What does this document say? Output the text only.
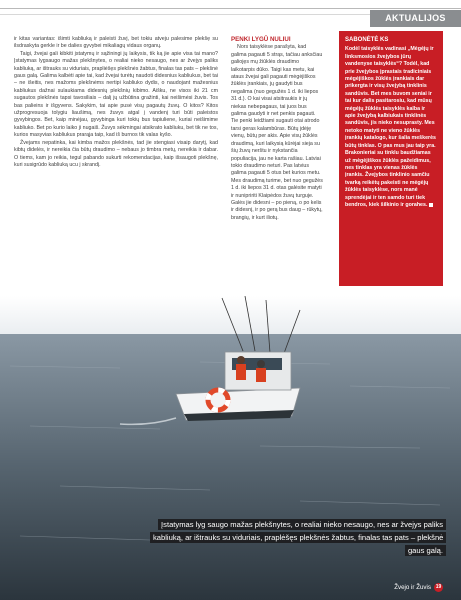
AKTUALIJOS

ir kitas variantas: išimti kabliuką ir paleisti žuvį, bet tokiu atveju palesime plekšę su ilsdraskyta gerkle ir be dalies gyvybei mikaliagų vidaus organų.

Taigi, žvejai gali kibkiti įstatymų ir sąžiningi jų laikysis, tik ką jie apie visa tai mano? Įstatymas lygsaugo mažas plekšnytes, o realiai nieko nesaugo, nes ar žvejys paliks kabliuką, ar ištrauks su viduriais, prapliėšęs plekšnės žabtus, finalas tas pats – plekšnė gaus galą. Galima kalbėti apie tai, kad žvejai turėtų naudoti didesnius kabliukus, bet tai – ne išeitis, nes mažoms plekšnėms nertipi kabliuko dydis, o naudojant mažesnius kabliukus dažnai sulaukiama didesnių plekšnių kibimo. Aišku, ne visos iki 21 cm sugautos plekšnės tapsi tavosiliais – dalį jų užbūtina gražinti, kai neišimėsi žuvis. Tos bas palieins ir išgyvens. Sakykim, tai apie pusė visų pagautų žuvų. O kitos? Kitos užprogresuoja tolygiu liaušimą, nes žuvys atgal į vandenį turi būti paleistos gyvybingos. Bet, kaip minėjau, gyvybinga kuri tokių bus tapiuliene, kuriai neišimime kabliuko. Bet po kurio laiko ji nugaiš. Žuvys sėkmingai atsikrato kabliuku, bet tik ne tos, kurios masyvias kabliukus prarąja taip, kad iš burnos tik valas kyšo.

Žvejams nepatinka, kai kimba mažos plekšnės, tad jie stengiasi visaip darytį, kad kibtų didelės, ir nereikia čia būtų draudimo – nebaus jo timbra metų, nereikia ir dabar. O tiems, kam jo reikia, tegul pabando sukurti rekomendacijas, kaip išsaugoti plekšnę, kuri susigrūdo kabliuką ucu į skrandį.

PENKI LYGŪ NULIUI

Nors taisyklėse parašyta, kad galima pagauti 5 strąs, tačiau anksčiau galiojęs mų žiūklės draudimo laikotarpis dūko. Taigi kas metu, kai ataus žvejai gali pagauti mėgėjiškos žūklės įrankiais, jų gaudyti bus negalima (nuo gegužės 1 d. iki liepos 31 d.). O kai visai atsitraukis ir jų niekas nebepagaus, tai juos bus galima gaudyti ir net penkis pagauti. Tie penki leidžiami sugauti otai atrodo tarsi geras kalambūras. Būtų įdėję vienų, būtų per akis. Apie visų žūklės draudimą, kuri laikysią kūrėjai sieja su šių žuvų nerštu ir nykstančia populiacija, jau ne karta rašiau. Latviai tokio draudimo neturi. Pas latvius galima pagauti 5 otus bet kurios metu. Mes draudimą turime, bet nuo gegužės 1 d. iki liepos 31 d. otas galėsite matyti ir nunipririti Klaipėdos žuvų turguje. Galės jie didesni – po pieną, o po kelis ir didesnį, ir po gerą bus daug – rūkytų, brangių, ir kurt iliotų.

SABONĖTĖ KS
Kodėl taisyklės vadinasi „Mėgėjų ir linksmosios žvejybos jūrų vandenyse taisyklės“? Todėl, kad prie žvejybos įprastais tradiciniais mėgėjiškos žūklės įrankiais dar prikergta ir visų žvejybą tinklinis sandūvis. Bet mes buvom seniai ir tai kur dalis pasitarosiu, kad mūsų mėgėjų žūklės taisyklės kalba ir apie žvejybą kalbiukais tinklinės sandūvis, jis nieko nesuprasty. Mes netoko matyti ne vieno žūklės įrankių katalogo, kur šalia meškerės būtų tinklas. O pas mus jau taip yra. Brakonieriai su tinklu baudžiamas už mėgėjiškos žūklės pažeidimus, nes tinklas yra vienas žūklės įrankis. Žvejybos tinklinio samčiu tvarką reikėtų pakeisti ne mėgėjų žūklės taisyklėse, nors manė sprendėjai ir ten samdo turi tiek bendros, kiek šilkinio ir gorahes.
Įstatymas lyg saugo mažas plekšnytes, o realiai nieko nesaugo, nes ar žvejys paliks kabliuką, ar ištrauks su viduriais, praplėšęs plekšnės žabtus, finalas tas pats – plekšnė gaus galą.
Žvejo ir Žuvis 19
